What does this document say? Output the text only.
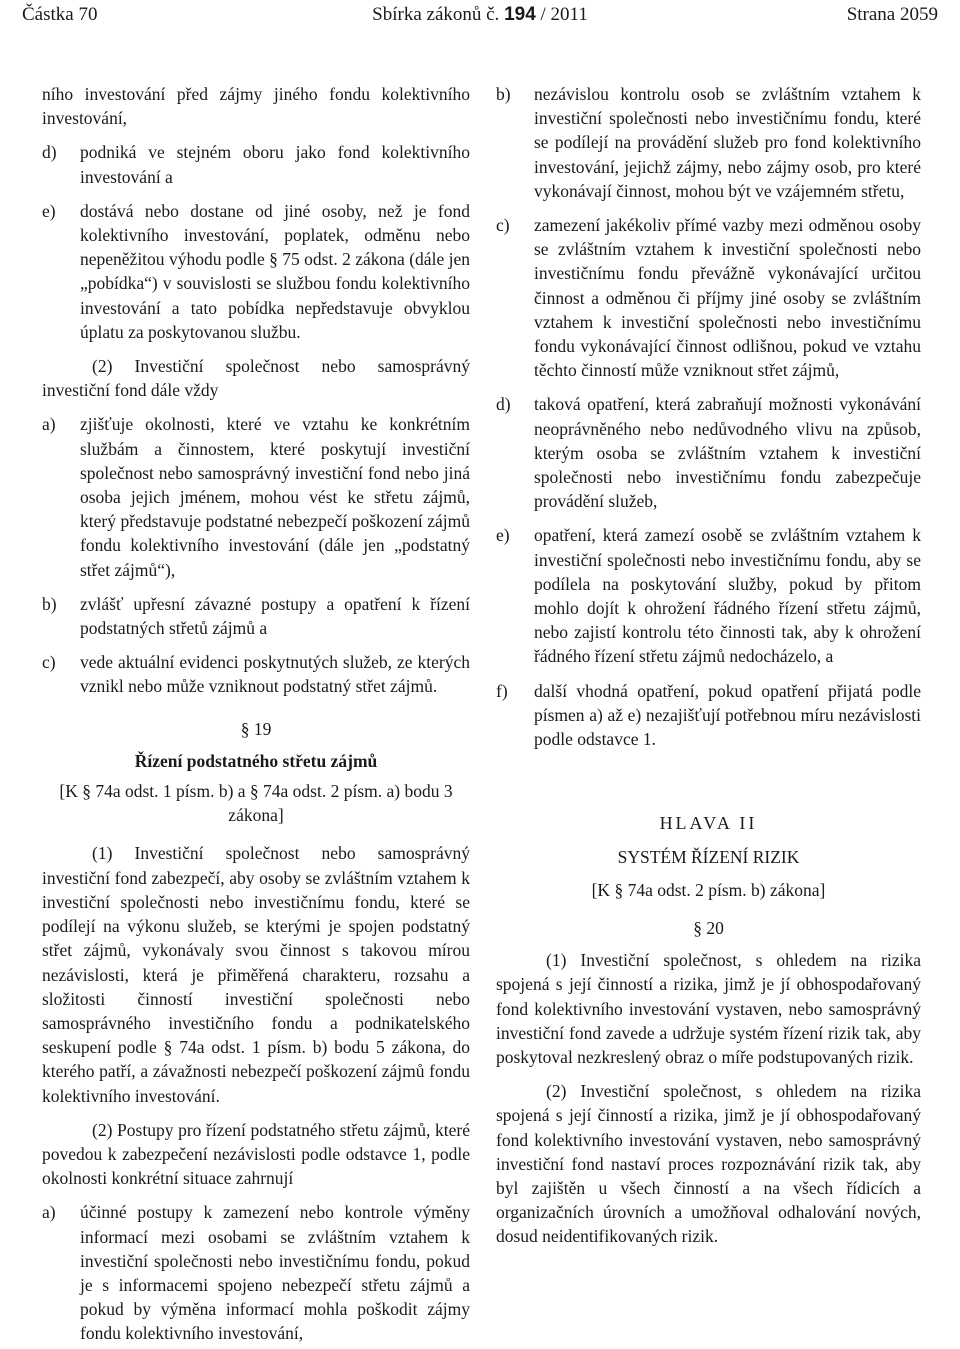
Částka 70	Sbírka zákonů č. 194 / 2011	Strana 2059

ního investování před zájmy jiného fondu kolektivního investování,

d)	podniká ve stejném oboru jako fond kolektivního investování a
e)	dostává nebo dostane od jiné osoby, než je fond kolektivního investování, poplatek, odměnu nebo nepeněžitou výhodu podle § 75 odst. 2 zákona (dále jen „pobídka“) v souvislosti se službou fondu kolektivního investování a tato pobídka nepředstavuje obvyklou úplatu za poskytovanou službu.

(2) Investiční společnost nebo samosprávný investiční fond dále vždy

a)	zjišťuje okolnosti, které ve vztahu ke konkrétním službám a činnostem, které poskytují investiční společnost nebo samosprávný investiční fond nebo jiná osoba jejich jménem, mohou vést ke střetu zájmů, který představuje podstatné nebezpečí poškození zájmů fondu kolektivního investování (dále jen „podstatný střet zájmů“),
b)	zvlášť upřesní závazné postupy a opatření k řízení podstatných střetů zájmů a
c)	vede aktuální evidenci poskytnutých služeb, ze kterých vznikl nebo může vzniknout podstatný střet zájmů.

§ 19

Řízení podstatného střetu zájmů

[K § 74a odst. 1 písm. b) a § 74a odst. 2 písm. a) bodu 3 zákona]

(1) Investiční společnost nebo samosprávný investiční fond zabezpečí, aby osoby se zvláštním vztahem k investiční společnosti nebo investičnímu fondu, které se podílejí na výkonu služeb, se kterými je spojen podstatný střet zájmů, vykonávaly svou činnost s takovou mírou nezávislosti, která je přiměřená charakteru, rozsahu a složitosti činností investiční společnosti nebo samosprávného investičního fondu a podnikatelského seskupení podle § 74a odst. 1 písm. b) bodu 5 zákona, do kterého patří, a závažnosti nebezpečí poškození zájmů fondu kolektivního investování.

(2) Postupy pro řízení podstatného střetu zájmů, které povedou k zabezpečení nezávislosti podle odstavce 1, podle okolnosti konkrétní situace zahrnují

a)	účinné postupy k zamezení nebo kontrole výměny informací mezi osobami se zvláštním vztahem k investiční společnosti nebo investičnímu fondu, pokud je s informacemi spojeno nebezpečí střetu zájmů a pokud by výměna informací mohla poškodit zájmy fondu kolektivního investování,
b)	nezávislou kontrolu osob se zvláštním vztahem k investiční společnosti nebo investičnímu fondu, které se podílejí na provádění služeb pro fond kolektivního investování, jejichž zájmy, nebo zájmy osob, pro které vykonávají činnost, mohou být ve vzájemném střetu,
c)	zamezení jakékoliv přímé vazby mezi odměnou osoby se zvláštním vztahem k investiční společnosti nebo investičnímu fondu převážně vykonávající určitou činnost a odměnou či příjmy jiné osoby se zvláštním vztahem k investiční společnosti nebo investičnímu fondu vykonávající činnost odlišnou, pokud ve vztahu těchto činností může vzniknout střet zájmů,
d)	taková opatření, která zabraňují možnosti vykonávání neoprávněného nebo nedůvodného vlivu na způsob, kterým osoba se zvláštním vztahem k investiční společnosti nebo investičnímu fondu zabezpečuje provádění služeb,
e)	opatření, která zamezí osobě se zvláštním vztahem k investiční společnosti nebo investičnímu fondu, aby se podílela na poskytování služby, pokud by přitom mohlo dojít k ohrožení řádného řízení střetu zájmů, nebo zajistí kontrolu této činnosti tak, aby k ohrožení řádného řízení střetu zájmů nedocházelo, a
f)	další vhodná opatření, pokud opatření přijatá podle písmen a) až e) nezajišťují potřebnou míru nezávislosti podle odstavce 1.

HLAVA II

SYSTÉM ŘÍZENÍ RIZIK

[K § 74a odst. 2 písm. b) zákona]

§ 20

(1) Investiční společnost, s ohledem na rizika spojená s její činností a rizika, jimž je jí obhospodařovaný fond kolektivního investování vystaven, nebo samosprávný investiční fond zavede a udržuje systém řízení rizik tak, aby poskytoval nezkreslený obraz o míře podstupovaných rizik.

(2) Investiční společnost, s ohledem na rizika spojená s její činností a rizika, jimž je jí obhospodařovaný fond kolektivního investování vystaven, nebo samosprávný investiční fond nastaví proces rozpoznávání rizik tak, aby byl zajištěn u všech činností a na všech řídicích a organizačních úrovních a umožňoval odhalování nových, dosud neidentifikovaných rizik.
